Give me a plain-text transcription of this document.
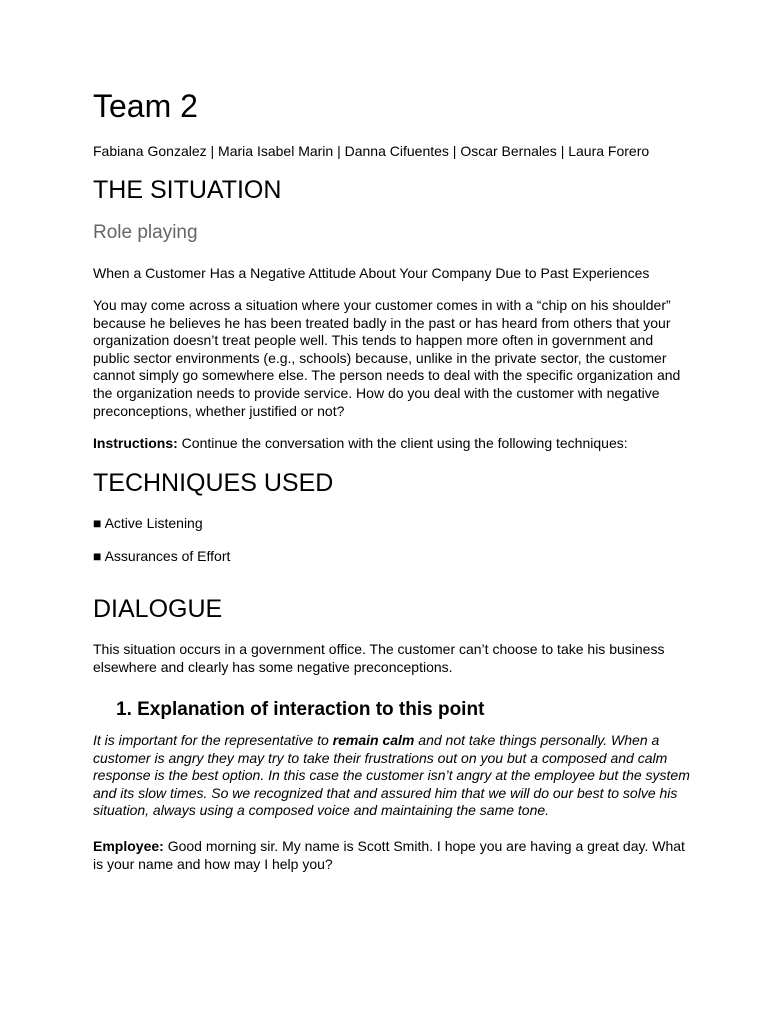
Team 2

Fabiana Gonzalez | Maria Isabel Marin | Danna Cifuentes | Oscar Bernales | Laura Forero

THE SITUATION
Role playing

When a Customer Has a Negative Attitude About Your Company Due to Past Experiences

You may come across a situation where your customer comes in with a “chip on his shoulder” because he believes he has been treated badly in the past or has heard from others that your organization doesn’t treat people well. This tends to happen more often in government and public sector environments (e.g., schools) because, unlike in the private sector, the customer cannot simply go somewhere else. The person needs to deal with the specific organization and the organization needs to provide service. How do you deal with the customer with negative preconceptions, whether justified or not?

Instructions: Continue the conversation with the client using the following techniques:

TECHNIQUES USED

■ Active Listening

■ Assurances of Effort

DIALOGUE

This situation occurs in a government office. The customer can’t choose to take his business elsewhere and clearly has some negative preconceptions.

1. Explanation of interaction to this point

It is important for the representative to remain calm and not take things personally. When a customer is angry they may try to take their frustrations out on you but a composed and calm response is the best option. In this case the customer isn’t angry at the employee but the system and its slow times. So we recognized that and assured him that we will do our best to solve his situation, always using a composed voice and maintaining the same tone.

Employee: Good morning sir. My name is Scott Smith. I hope you are having a great day. What is your name and how may I help you?
